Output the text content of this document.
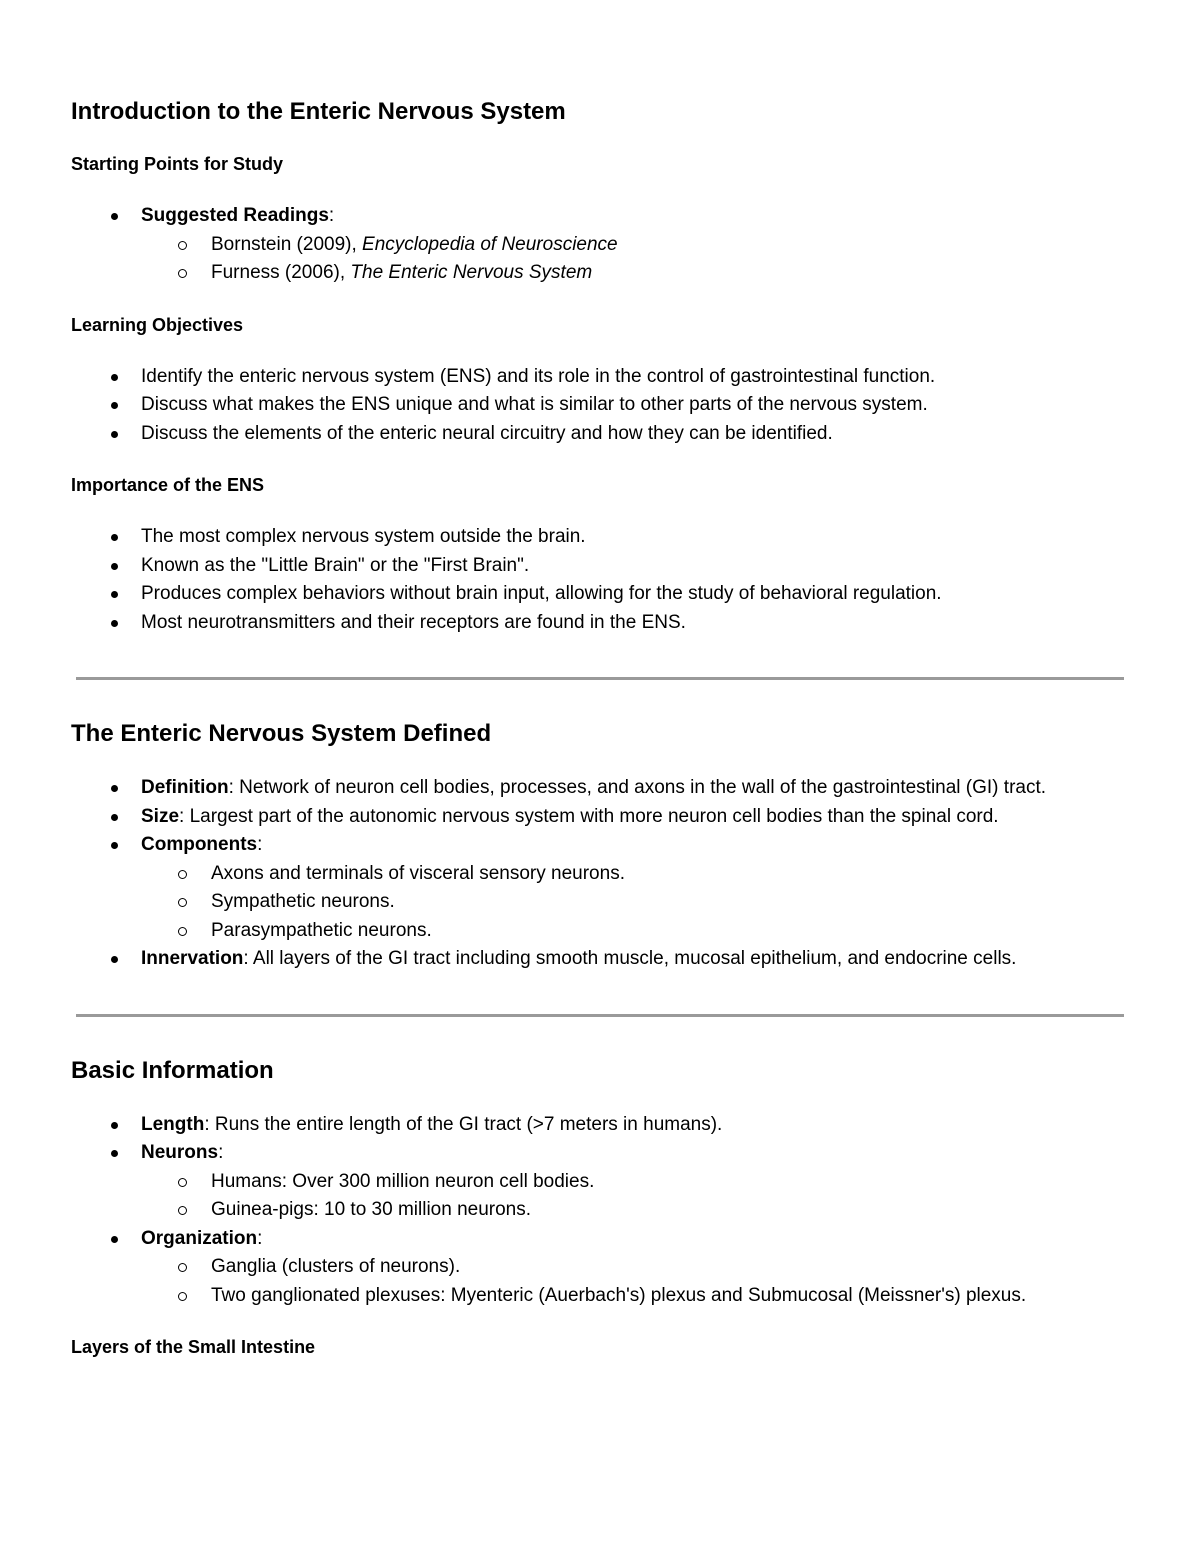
Introduction to the Enteric Nervous System
Starting Points for Study
Suggested Readings:
Bornstein (2009), Encyclopedia of Neuroscience
Furness (2006), The Enteric Nervous System
Learning Objectives
Identify the enteric nervous system (ENS) and its role in the control of gastrointestinal function.
Discuss what makes the ENS unique and what is similar to other parts of the nervous system.
Discuss the elements of the enteric neural circuitry and how they can be identified.
Importance of the ENS
The most complex nervous system outside the brain.
Known as the "Little Brain" or the "First Brain".
Produces complex behaviors without brain input, allowing for the study of behavioral regulation.
Most neurotransmitters and their receptors are found in the ENS.
The Enteric Nervous System Defined
Definition: Network of neuron cell bodies, processes, and axons in the wall of the gastrointestinal (GI) tract.
Size: Largest part of the autonomic nervous system with more neuron cell bodies than the spinal cord.
Components:
Axons and terminals of visceral sensory neurons.
Sympathetic neurons.
Parasympathetic neurons.
Innervation: All layers of the GI tract including smooth muscle, mucosal epithelium, and endocrine cells.
Basic Information
Length: Runs the entire length of the GI tract (>7 meters in humans).
Neurons:
Humans: Over 300 million neuron cell bodies.
Guinea-pigs: 10 to 30 million neurons.
Organization:
Ganglia (clusters of neurons).
Two ganglionated plexuses: Myenteric (Auerbach's) plexus and Submucosal (Meissner's) plexus.
Layers of the Small Intestine
